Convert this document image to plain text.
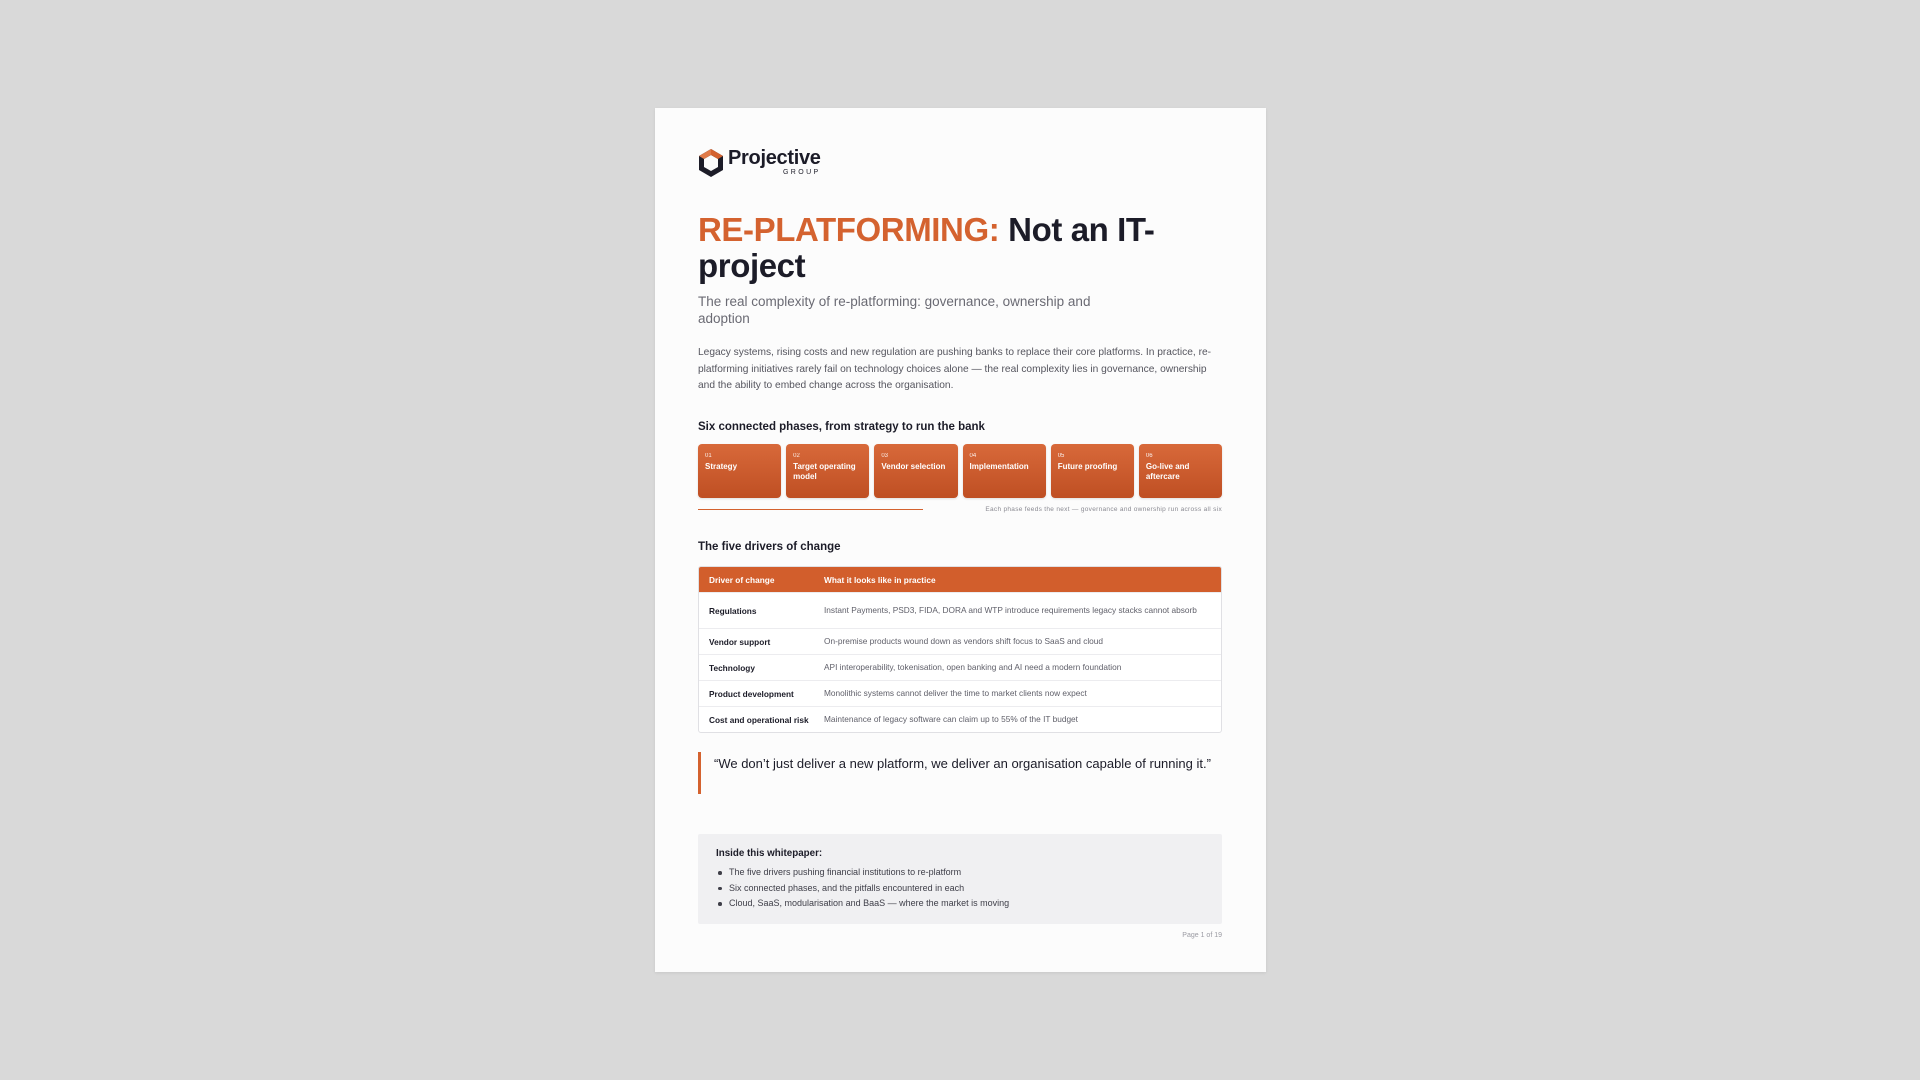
Projective
GROUP
RE-PLATFORMING: Not an IT-project

The real complexity of re-platforming: governance, ownership and adoption

Legacy systems, rising costs and new regulation are pushing banks to replace their core platforms. In practice, re-platforming initiatives rarely fail on technology choices alone — the real complexity lies in governance, ownership and the ability to embed change across the organisation.

Six connected phases, from strategy to run the bank
01
Strategy
02
Target operating model
03
Vendor selection
04
Implementation
05
Future proofing
06
Go-live and aftercare
Each phase feeds the next — governance and ownership run across all six
The five drivers of change
Driver of change	What it looks like in practice
Regulations	Instant Payments, PSD3, FIDA, DORA and WTP introduce requirements legacy stacks cannot absorb
Vendor support	On-premise products wound down as vendors shift focus to SaaS and cloud
Technology	API interoperability, tokenisation, open banking and AI need a modern foundation
Product development	Monolithic systems cannot deliver the time to market clients now expect
Cost and operational risk	Maintenance of legacy software can claim up to 55% of the IT budget
“We don’t just deliver a new platform, we deliver an organisation capable of running it.”
Inside this whitepaper:
The five drivers pushing financial institutions to re-platform
Six connected phases, and the pitfalls encountered in each
Cloud, SaaS, modularisation and BaaS — where the market is moving
Page 1 of 19
